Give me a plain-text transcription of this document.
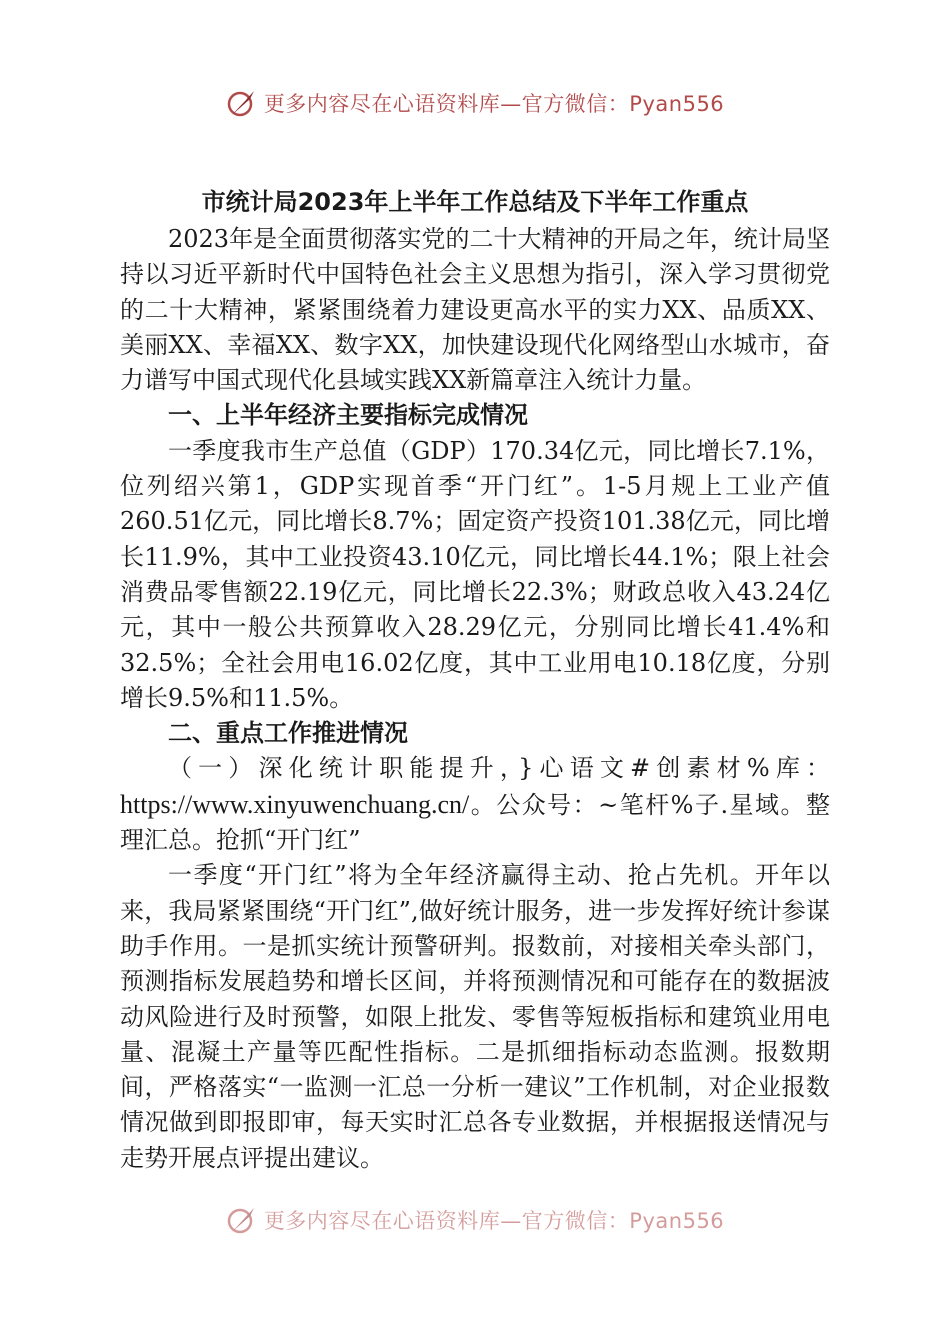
更多内容尽在心语资料库—官方微信：Pyan556
市统计局2023年上半年工作总结及下半年工作重点

2023年是全面贯彻落实党的二十大精神的开局之年，统计局坚持以习近平新时代中国特色社会主义思想为指引，深入学习贯彻党的二十大精神，紧紧围绕着力建设更高水平的实力XX、品质XX、美丽XX、幸福XX、数字XX，加快建设现代化网络型山水城市，奋力谱写中国式现代化县域实践XX新篇章注入统计力量。

一、上半年经济主要指标完成情况

一季度我市生产总值（GDP）170.34亿元，同比增长7.1%，位列绍兴第1，GDP实现首季“开门红”。1-5月规上工业产值260.51亿元，同比增长8.7%；固定资产投资101.38亿元，同比增长11.9%，其中工业投资43.10亿元，同比增长44.1%；限上社会消费品零售额22.19亿元，同比增长22.3%；财政总收入43.24亿元，其中一般公共预算收入28.29亿元，分别同比增长41.4%和32.5%；全社会用电16.02亿度，其中工业用电10.18亿度，分别增长9.5%和11.5%。

二、重点工作推进情况

（一）深化统计职能提升，}心语文#创素材%库：https://www.xinyuwenchuang.cn/。公众号：~笔杆%子.星域。整理汇总。抢抓“开门红”

一季度“开门红”将为全年经济赢得主动、抢占先机。开年以来，我局紧紧围绕“开门红”,做好统计服务，进一步发挥好统计参谋助手作用。一是抓实统计预警研判。报数前，对接相关牵头部门，预测指标发展趋势和增长区间，并将预测情况和可能存在的数据波动风险进行及时预警，如限上批发、零售等短板指标和建筑业用电量、混凝土产量等匹配性指标。二是抓细指标动态监测。报数期间，严格落实“一监测一汇总一分析一建议”工作机制，对企业报数情况做到即报即审，每天实时汇总各专业数据，并根据报送情况与走势开展点评提出建议。

更多内容尽在心语资料库—官方微信：Pyan556
